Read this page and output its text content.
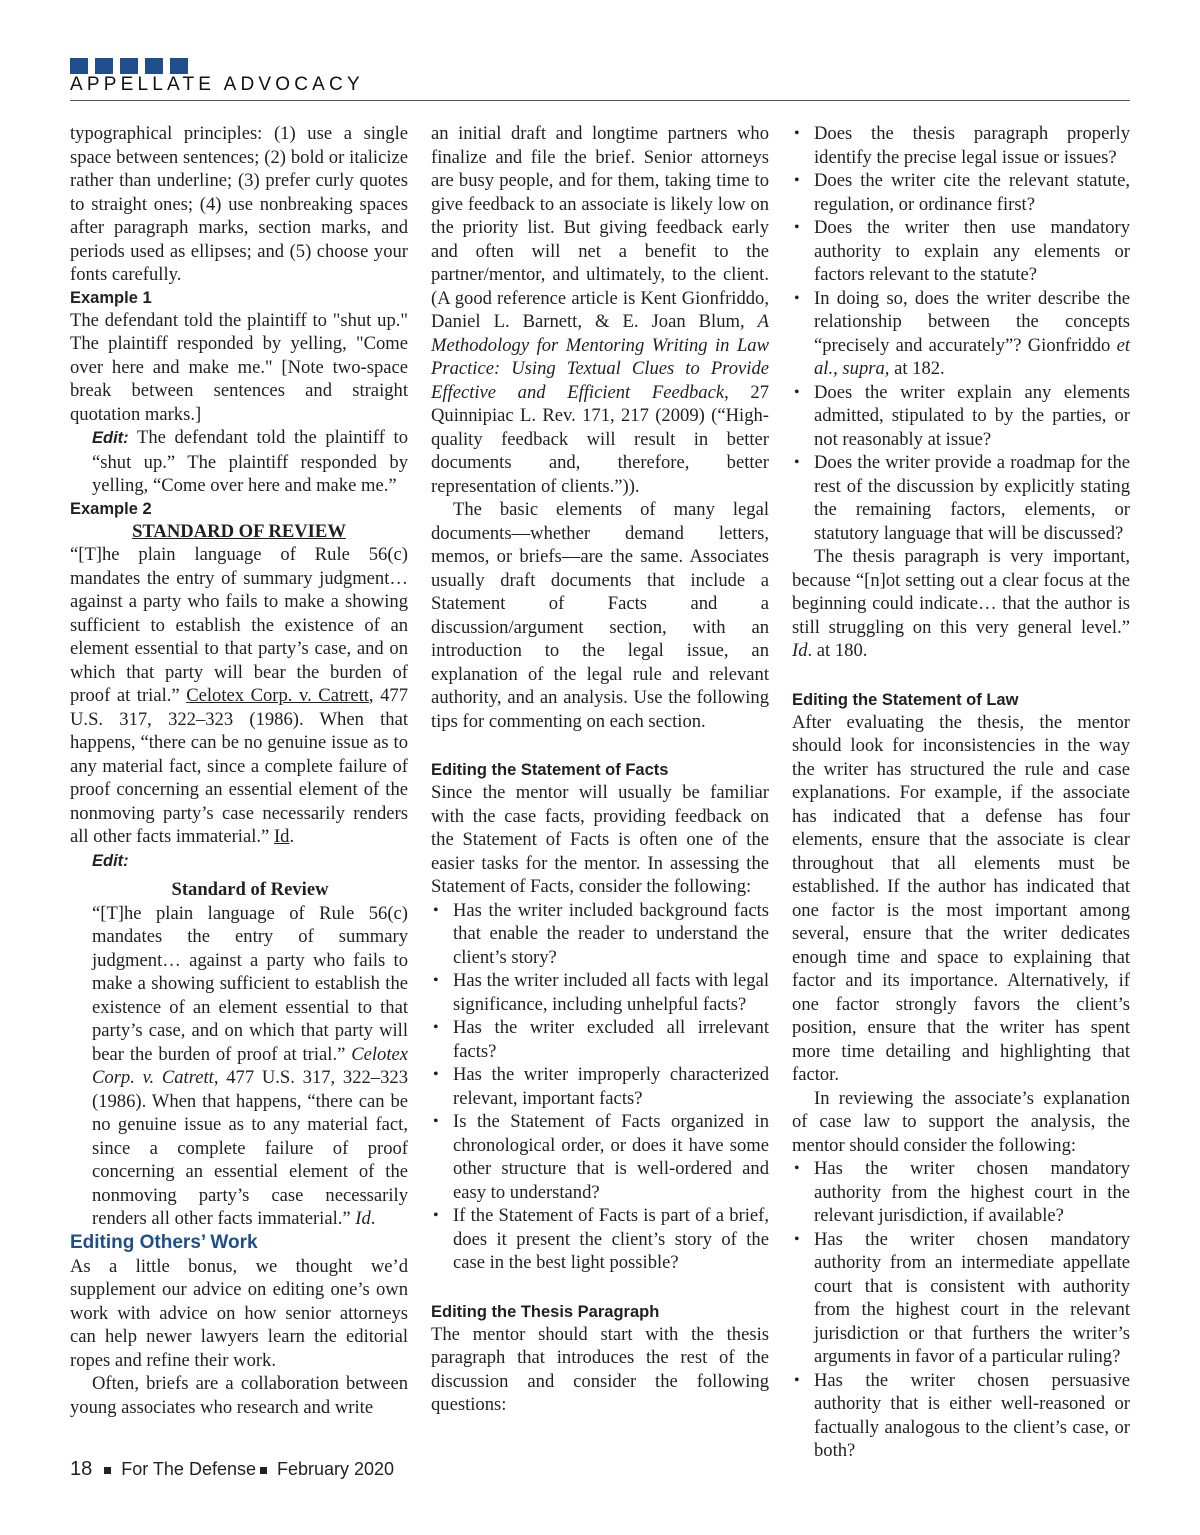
APPELLATE ADVOCACY

typographical principles: (1) use a single space between sentences; (2) bold or italicize rather than underline; (3) prefer curly quotes to straight ones; (4) use nonbreaking spaces after paragraph marks, section marks, and periods used as ellipses; and (5) choose your fonts carefully.

Example 1

The defendant told the plaintiff to "shut up." The plaintiff responded by yelling, "Come over here and make me." [Note two-space break between sentences and straight quotation marks.]

Edit: The defendant told the plaintiff to “shut up.” The plaintiff responded by yelling, “Come over here and make me.”

Example 2

STANDARD OF REVIEW

“[T]he plain language of Rule 56(c) mandates the entry of summary judgment… against a party who fails to make a showing sufficient to establish the existence of an element essential to that party’s case, and on which that party will bear the burden of proof at trial.” Celotex Corp. v. Catrett, 477 U.S. 317, 322–323 (1986). When that happens, “there can be no genuine issue as to any material fact, since a complete failure of proof concerning an essential element of the nonmoving party’s case necessarily renders all other facts immaterial.” Id.

Edit:

Standard of Review

“[T]he plain language of Rule 56(c) mandates the entry of summary judgment… against a party who fails to make a showing sufficient to establish the existence of an element essential to that party’s case, and on which that party will bear the burden of proof at trial.” Celotex Corp. v. Catrett, 477 U.S. 317, 322–323 (1986). When that happens, “there can be no genuine issue as to any material fact, since a complete failure of proof concerning an essential element of the nonmoving party’s case necessarily renders all other facts immaterial.” Id.

Editing Others’ Work

As a little bonus, we thought we’d supplement our advice on editing one’s own work with advice on how senior attorneys can help newer lawyers learn the editorial ropes and refine their work.

Often, briefs are a collaboration between young associates who research and write

an initial draft and longtime partners who finalize and file the brief. Senior attorneys are busy people, and for them, taking time to give feedback to an associate is likely low on the priority list. But giving feedback early and often will net a benefit to the partner/mentor, and ultimately, to the client. (A good reference article is Kent Gionfriddo, Daniel L. Barnett, & E. Joan Blum, A Methodology for Mentoring Writing in Law Practice: Using Textual Clues to Provide Effective and Efficient Feedback, 27 Quinnipiac L. Rev. 171, 217 (2009) (“High-quality feedback will result in better documents and, therefore, better representation of clients.”)).

The basic elements of many legal documents—whether demand letters, memos, or briefs—are the same. Associates usually draft documents that include a Statement of Facts and a discussion/argument section, with an introduction to the legal issue, an explanation of the legal rule and relevant authority, and an analysis. Use the following tips for commenting on each section.

Editing the Statement of Facts

Since the mentor will usually be familiar with the case facts, providing feedback on the Statement of Facts is often one of the easier tasks for the mentor. In assessing the Statement of Facts, consider the following:

• Has the writer included background facts that enable the reader to understand the client’s story?
• Has the writer included all facts with legal significance, including unhelpful facts?
• Has the writer excluded all irrelevant facts?
• Has the writer improperly characterized relevant, important facts?
• Is the Statement of Facts organized in chronological order, or does it have some other structure that is well-ordered and easy to understand?
• If the Statement of Facts is part of a brief, does it present the client’s story of the case in the best light possible?

Editing the Thesis Paragraph

The mentor should start with the thesis paragraph that introduces the rest of the discussion and consider the following questions:

• Does the thesis paragraph properly identify the precise legal issue or issues?
• Does the writer cite the relevant statute, regulation, or ordinance first?
• Does the writer then use mandatory authority to explain any elements or factors relevant to the statute?
• In doing so, does the writer describe the relationship between the concepts “precisely and accurately”? Gionfriddo et al., supra, at 182.
• Does the writer explain any elements admitted, stipulated to by the parties, or not reasonably at issue?
• Does the writer provide a roadmap for the rest of the discussion by explicitly stating the remaining factors, elements, or statutory language that will be discussed?

The thesis paragraph is very important, because “[n]ot setting out a clear focus at the beginning could indicate… that the author is still struggling on this very general level.” Id. at 180.

Editing the Statement of Law

After evaluating the thesis, the mentor should look for inconsistencies in the way the writer has structured the rule and case explanations. For example, if the associate has indicated that a defense has four elements, ensure that the associate is clear throughout that all elements must be established. If the author has indicated that one factor is the most important among several, ensure that the writer dedicates enough time and space to explaining that factor and its importance. Alternatively, if one factor strongly favors the client’s position, ensure that the writer has spent more time detailing and highlighting that factor.

In reviewing the associate’s explanation of case law to support the analysis, the mentor should consider the following:

• Has the writer chosen mandatory authority from the highest court in the relevant jurisdiction, if available?
• Has the writer chosen mandatory authority from an intermediate appellate court that is consistent with authority from the highest court in the relevant jurisdiction or that furthers the writer’s arguments in favor of a particular ruling?
• Has the writer chosen persuasive authority that is either well-reasoned or factually analogous to the client’s case, or both?
18 For The Defense February 2020
